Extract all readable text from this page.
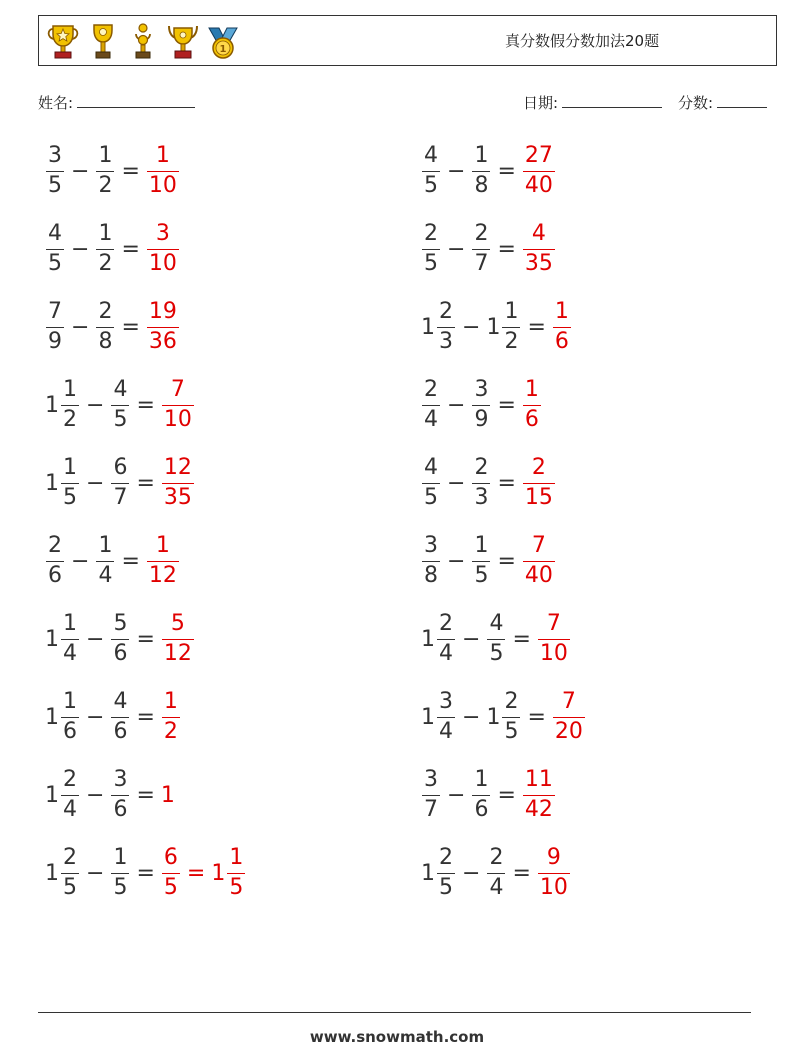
1	真分数假分数加法20题
姓名:	日期:	分数:
$\frac{3}{5} - \frac{1}{2} = \frac{1}{10}$	$\frac{4}{5} - \frac{1}{8} = \frac{27}{40}$
$\frac{4}{5} - \frac{1}{2} = \frac{3}{10}$	$\frac{2}{5} - \frac{2}{7} = \frac{4}{35}$
$\frac{7}{9} - \frac{2}{8} = \frac{19}{36}$	$1 \frac{2}{3} - 1 \frac{1}{2} = \frac{1}{6}$
$1 \frac{1}{2} - \frac{4}{5} = \frac{7}{10}$	$\frac{2}{4} - \frac{3}{9} = \frac{1}{6}$
$1 \frac{1}{5} - \frac{6}{7} = \frac{12}{35}$	$\frac{4}{5} - \frac{2}{3} = \frac{2}{15}$
$\frac{2}{6} - \frac{1}{4} = \frac{1}{12}$	$\frac{3}{8} - \frac{1}{5} = \frac{7}{40}$
$1 \frac{1}{4} - \frac{5}{6} = \frac{5}{12}$	$1 \frac{2}{4} - \frac{4}{5} = \frac{7}{10}$
$1 \frac{1}{6} - \frac{4}{6} = \frac{1}{2}$	$1 \frac{3}{4} - 1 \frac{2}{5} = \frac{7}{20}$
$1 \frac{2}{4} - \frac{3}{6} = 1$	$\frac{3}{7} - \frac{1}{6} = \frac{11}{42}$
$1 \frac{2}{5} - \frac{1}{5} = \frac{6}{5} = 1 \frac{1}{5}$	$1 \frac{2}{5} - \frac{2}{4} = \frac{9}{10}$
www.snowmath.com
